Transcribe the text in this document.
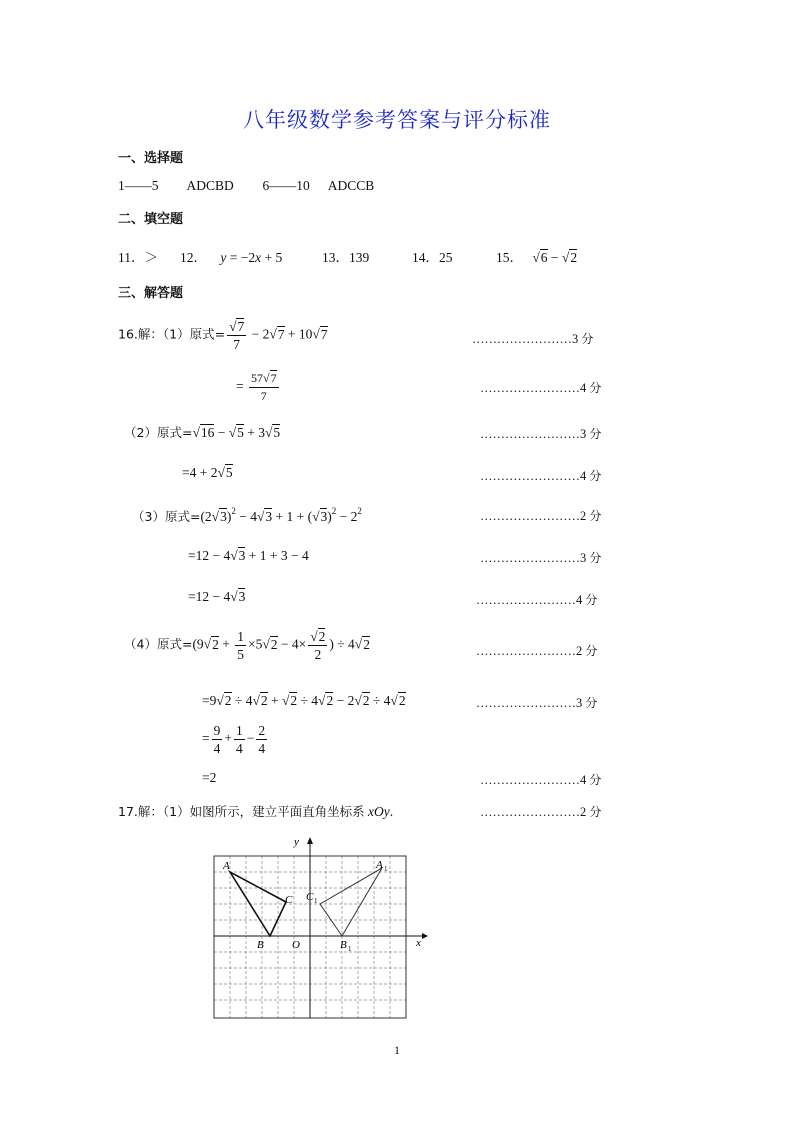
八年级数学参考答案与评分标准
一、选择题
1——5 ADCBD 6——10 ADCCB
二、填空题
11．＞ 12． y = −2x + 5	13．139	14．25	15． √6 − √2
三、解答题
16.解：（1）原式= $\frac{√7}{7} - 2√7 + 10√7$	……………………3 分
= $\frac{57√7}{7}$	……………………4 分
（2）原式=√16 − √5 + 3√5	……………………3 分
=4 + 2√5	……………………4 分
（3）原式$=(2√3)^2 - 4√3 + 1 + (√3)^2 - 2^2$	……………………2 分
=12 − 4√3 + 1 + 3 − 4	……………………3 分
=12 − 4√3	……………………4 分
（4）原式$=(9√2 + \frac{1}{5} \times 5√2 - 4\times \frac{√2}{2}$ ) ÷ 4√2	……………………2 分
=9√2 ÷ 4√2 + √2 ÷ 4√2 − 2√2 ÷ 4√2	……………………3 分
= $\frac{9}{4} + \frac{1}{4} - \frac{2}{4}$
=2	……………………4 分
17.解：（1）如图所示，建立平面直角坐标系 xOy.	……………………2 分
x
y
O
A
B
C
A 1
B 1
C 1
1
